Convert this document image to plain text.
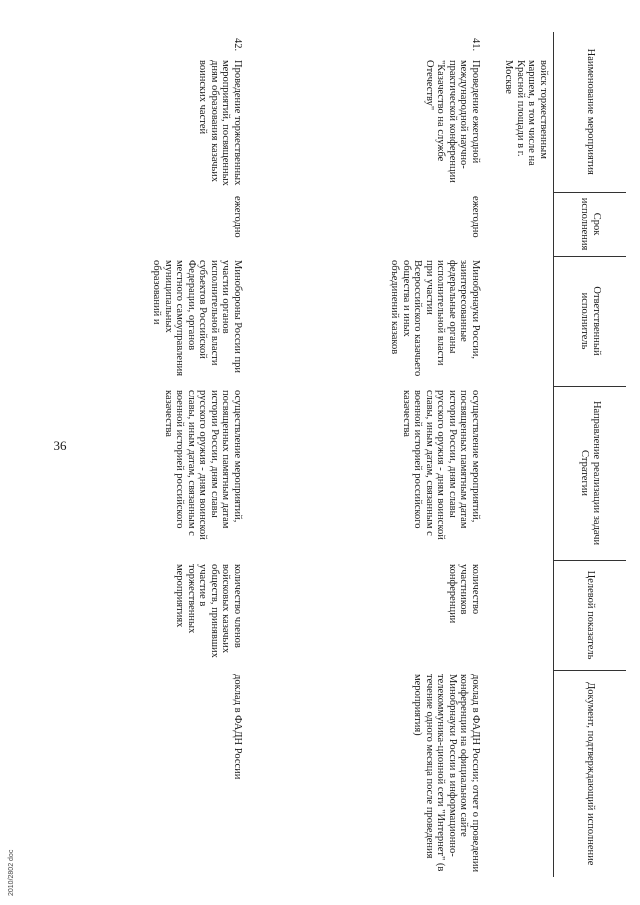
36
Наименование мероприятия		Срок исполнения	Ответственный исполнитель	Направление реализации задачи Стратегии	Целевой показатель	Документ, подтверждающий исполнение
	войск торжественным маршем, в том числе на Красной площади в г. Москве					
41.	Проведение ежегодной международной научно-практической конференции "Казачество на службе Отечеству"	ежегодно	Минобрнауки России, заинтересованные федеральные органы исполнительной власти при участии Всероссийского казачьего общества и иных объединений казаков	осуществление мероприятий, посвященных памятным датам истории России, дням славы русского оружия - дням воинской славы, иным датам, связанным с военной историей российского казачества	количество участников конференции	доклад в ФАДН России; отчет о проведении конференции на официальном сайте Минобрнауки России в информационно-телекоммуника-ционной сети "Интернет" (в течение одного месяца после проведения мероприятия)
42.	Проведение торжественных мероприятий, посвященных дням образования казачьих воинских частей	ежегодно	Минобороны России при участии органов исполнительной власти субъектов Российской Федерации, органов местного самоуправления муниципальных образований и	осуществление мероприятий, посвященных памятным датам истории России, дням славы русского оружия - дням воинской славы, иным датам, связанным с военной историей российского казачества	количество членов войсковых казачьих обществ, принявших участие в торжественных мероприятиях	доклад в ФАДН России
2010/2802 doc
